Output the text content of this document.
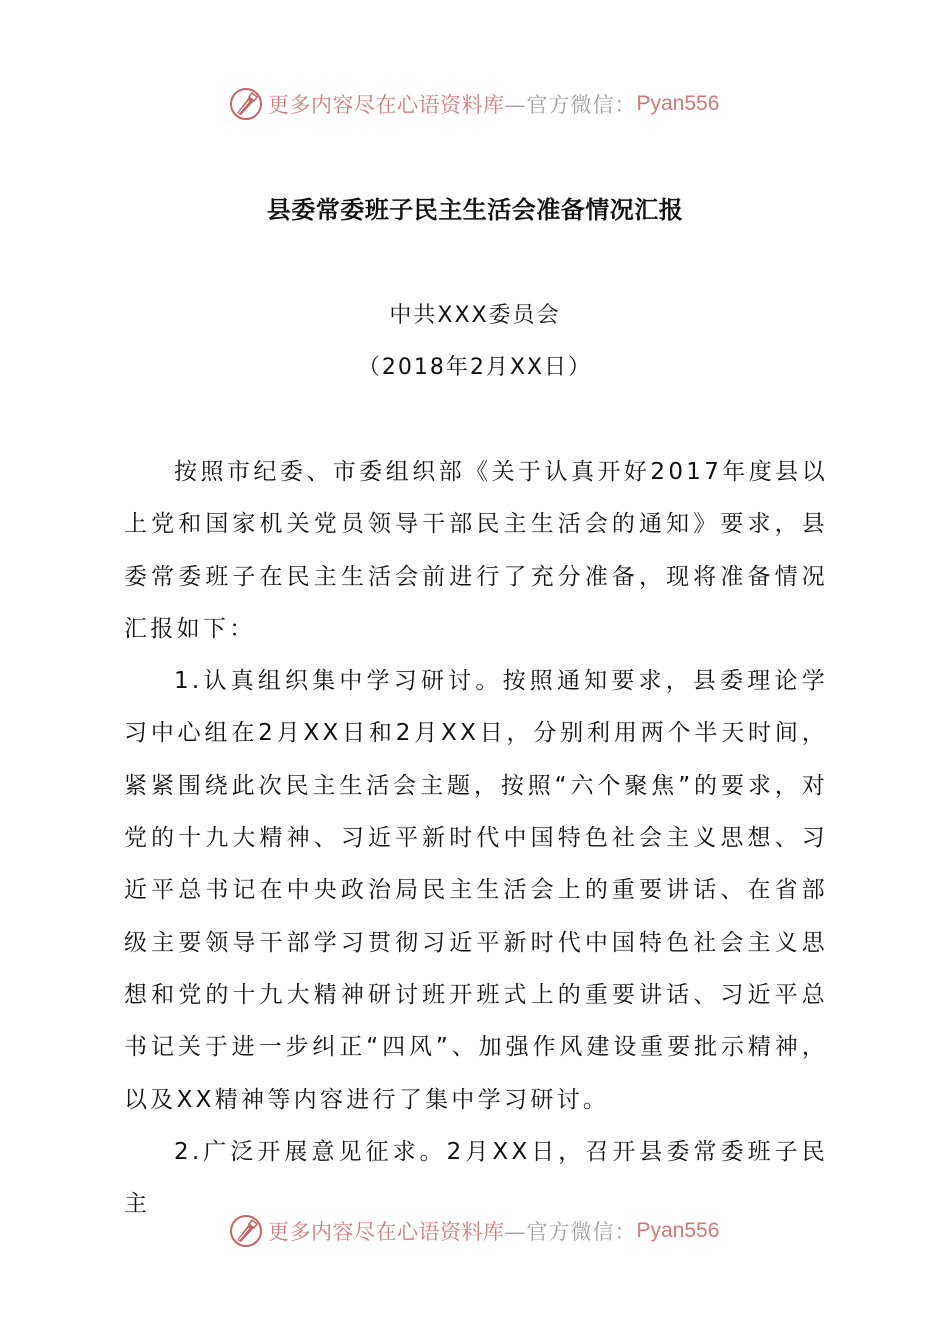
更多内容尽在心语资料库 —官方微信： Pyan556
县委常委班子民主生活会准备情况汇报
中共XXX委员会
（2018年2月XX日）

按照市纪委、市委组织部《关于认真开好2017年度县以上党和国家机关党员领导干部民主生活会的通知》要求，县委常委班子在民主生活会前进行了充分准备，现将准备情况汇报如下：

1.认真组织集中学习研讨。按照通知要求，县委理论学习中心组在2月XX日和2月XX日，分别利用两个半天时间，紧紧围绕此次民主生活会主题，按照“六个聚焦”的要求，对党的十九大精神、习近平新时代中国特色社会主义思想、习近平总书记在中央政治局民主生活会上的重要讲话、在省部级主要领导干部学习贯彻习近平新时代中国特色社会主义思想和党的十九大精神研讨班开班式上的重要讲话、习近平总书记关于进一步纠正“四风”、加强作风建设重要批示精神，以及XX精神等内容进行了集中学习研讨。

2.广泛开展意见征求。2月XX日，召开县委常委班子民主

更多内容尽在心语资料库 —官方微信： Pyan556
